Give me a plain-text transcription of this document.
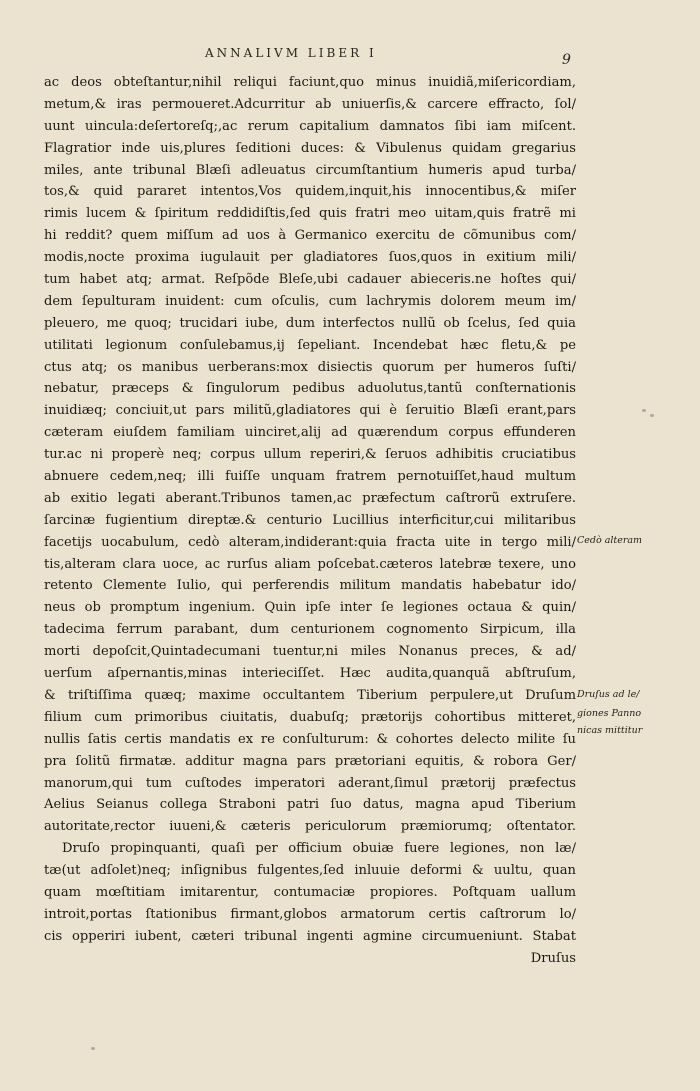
ANNALIVM LIBER I	9
ac deos obteſtantur,nihil reliqui faciunt,quo minus inuidiã,miſericordiam,
metum,& iras permoueret.Adcurritur ab uniuerſis,& carcere effracto, ſol/
uunt uincula:deſertoreſq;,ac rerum capitalium damnatos ſibi iam miſcent.
Flagratior inde uis,plures ſeditioni duces: & Vibulenus quidam gregarius
miles, ante tribunal Blæſi adleuatus circumſtantium humeris apud turba/
tos,& quid pararet intentos,Vos quidem,inquit,his innocentibus,& miſer
rimis lucem & ſpiritum reddidiſtis,ſed quis fratri meo uitam,quis fratrẽ mi
hi reddit? quem miſſum ad uos à Germanico exercitu de cõmunibus com/
modis,nocte proxima iugulauit per gladiatores ſuos,quos in exitium mili/
tum habet atq; armat. Reſpõde Bleſe,ubi cadauer abieceris.ne hoſtes qui/
dem ſepulturam inuident: cum oſculis, cum lachrymis dolorem meum im/
pleuero, me quoq; trucidari iube, dum interfectos nullũ ob ſcelus, ſed quia
utilitati legionum conſulebamus,ij ſepeliant. Incendebat hæc fletu,& pe
ctus atq; os manibus uerberans:mox disiectis quorum per humeros ſuſti/
nebatur, præceps & ſingulorum pedibus aduolutus,tantũ conſternationis
inuidiæq; conciuit,ut pars militũ,gladiatores qui è ſeruitio Blæſi erant,pars
cæteram eiuſdem familiam uinciret,alij ad quærendum corpus effunderen
tur.ac ni properè neq; corpus ullum reperiri,& ſeruos adhibitis cruciatibus
abnuere cedem,neq; illi fuiſſe unquam fratrem pernotuiſſet,haud multum
ab exitio legati aberant.Tribunos tamen,ac præfectum caſtrorũ extruſere.
ſarcinæ fugientium direptæ.& centurio Lucillius interficitur,cui militaribus
facetijs uocabulum, cedò alteram,indiderant:quia fracta uite in tergo mili/
tis,alteram clara uoce, ac rurſus aliam poſcebat.cæteros latebræ texere, uno
retento Clemente Iulio, qui perferendis militum mandatis habebatur ido/
neus ob promptum ingenium. Quin ipſe inter ſe legiones octaua & quin/
tadecima ferrum parabant, dum centurionem cognomento Sirpicum, illa
morti depoſcit,Quintadecumani tuentur,ni miles Nonanus preces, & ad/
uerſum aſpernantis,minas interieciſſet. Hæc audita,quanquã abſtruſum,
& triſtiſſima quæq; maxime occultantem Tiberium perpulere,ut Druſum
filium cum primoribus ciuitatis, duabuſq; prætorijs cohortibus mitteret,
nullis ſatis certis mandatis ex re conſulturum: & cohortes delecto milite ſu
pra ſolitũ firmatæ. additur magna pars prætoriani equitis, & robora Ger/
manorum,qui tum cuſtodes imperatori aderant,ſimul prætorij præfectus
Aelius Seianus collega Straboni patri ſuo datus, magna apud Tiberium
autoritate,rector iuueni,& cæteris periculorum præmiorumq; oſtentator.
Druſo propinquanti, quaſi per officium obuiæ fuere legiones, non læ/
tæ(ut adſolet)neq; inſignibus fulgentes,ſed inluuie deformi & uultu, quan
quam mœſtitiam imitarentur, contumaciæ propiores. Poſtquam uallum
introit,portas ſtationibus firmant,globos armatorum certis caſtrorum lo/
cis opperiri iubent, cæteri tribunal ingenti agmine circumueniunt. Stabat
Druſus
Cedò alteram
Druſus ad le/
giones Panno
nicas mittitur
